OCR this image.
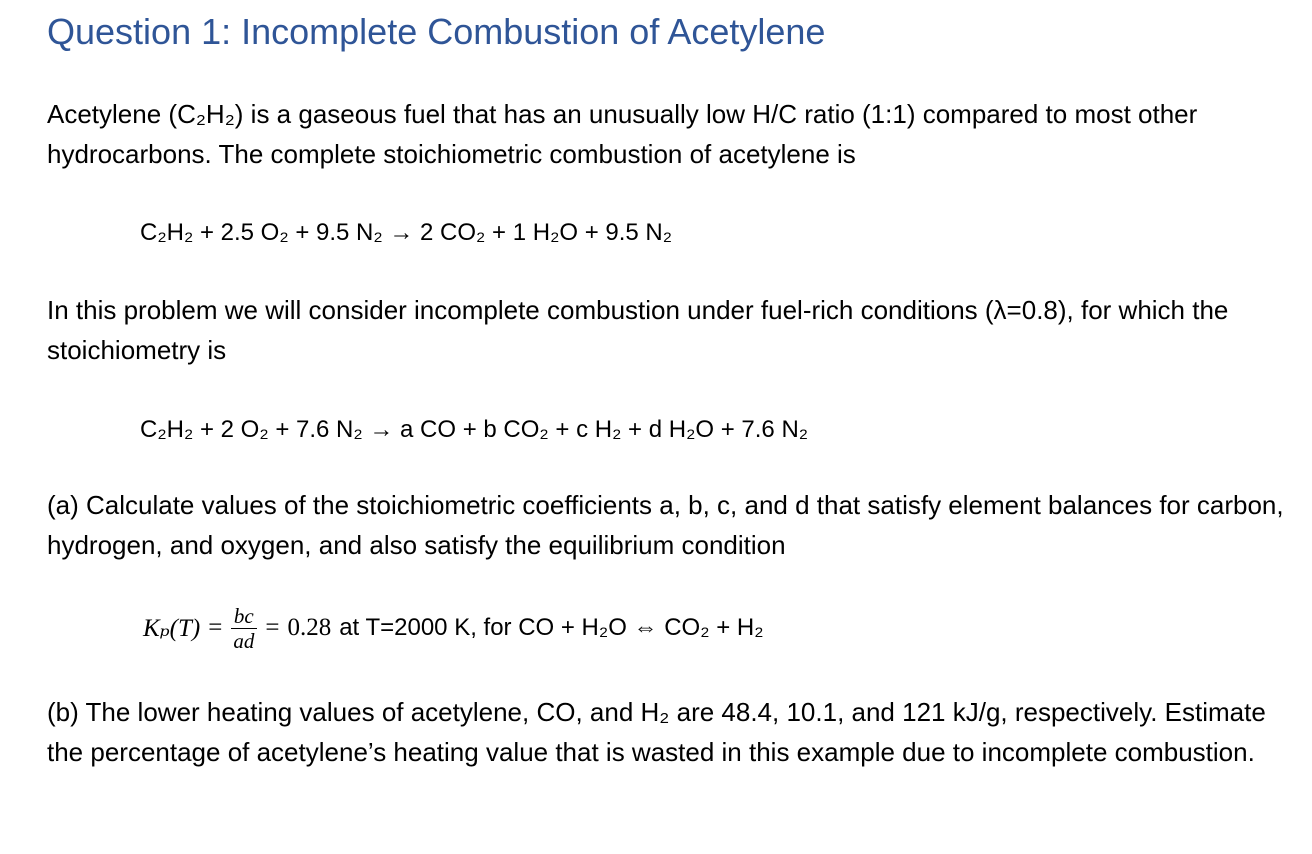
Question 1: Incomplete Combustion of Acetylene

Acetylene (C₂H₂) is a gaseous fuel that has an unusually low H/C ratio (1:1) compared to most other hydrocarbons. The complete stoichiometric combustion of acetylene is

C₂H₂ + 2.5 O₂ + 9.5 N₂ → 2 CO₂ + 1 H₂O + 9.5 N₂

In this problem we will consider incomplete combustion under fuel-rich conditions (λ=0.8), for which the stoichiometry is

C₂H₂ + 2 O₂ + 7.6 N₂ → a CO + b CO₂ + c H₂ + d H₂O + 7.6 N₂

(a) Calculate values of the stoichiometric coefficients a, b, c, and d that satisfy element balances for carbon, hydrogen, and oxygen, and also satisfy the equilibrium condition

$K_p(T) = \frac{bc}{ad} = 0.28$ at T=2000 K, for CO + H₂O ⇔ CO₂ + H₂

(b) The lower heating values of acetylene, CO, and H₂ are 48.4, 10.1, and 121 kJ/g, respectively. Estimate the percentage of acetylene’s heating value that is wasted in this example due to incomplete combustion.
